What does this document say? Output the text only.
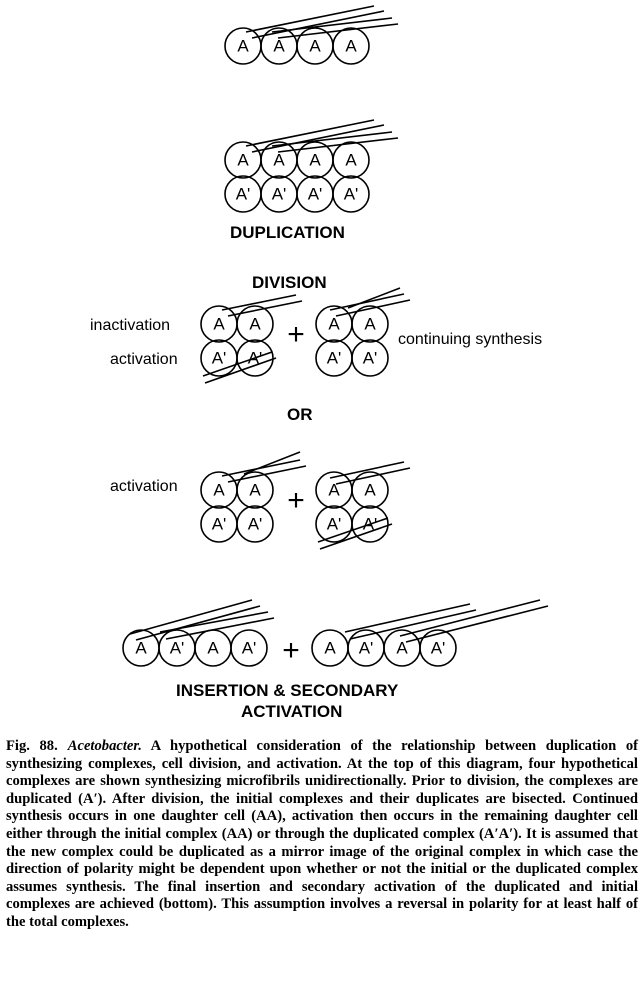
A A A A
A A A A
A' A' A' A'
A A
A' A'
A A
A' A'
A A
A' A'
A A
A' A'
A A' A A'	A A' A A'
+
+
+
DUPLICATION
DIVISION
inactivation
activation
continuing synthesis
OR
activation
INSERTION & SECONDARY
ACTIVATION
Fig. 88. Acetobacter. A hypothetical consideration of the relationship between duplication of synthesizing complexes, cell division, and activation. At the top of this diagram, four hypothetical complexes are shown synthesizing microfibrils unidirectionally. Prior to division, the complexes are duplicated (A′). After division, the initial complexes and their duplicates are bisected. Continued synthesis occurs in one daughter cell (AA), activation then occurs in the remaining daughter cell either through the initial complex (AA) or through the duplicated complex (A′A′). It is assumed that the new complex could be duplicated as a mirror image of the original complex in which case the direction of polarity might be dependent upon whether or not the initial or the duplicated complex assumes synthesis. The final insertion and secondary activation of the duplicated and initial complexes are achieved (bottom). This assumption involves a reversal in polarity for at least half of the total complexes.
